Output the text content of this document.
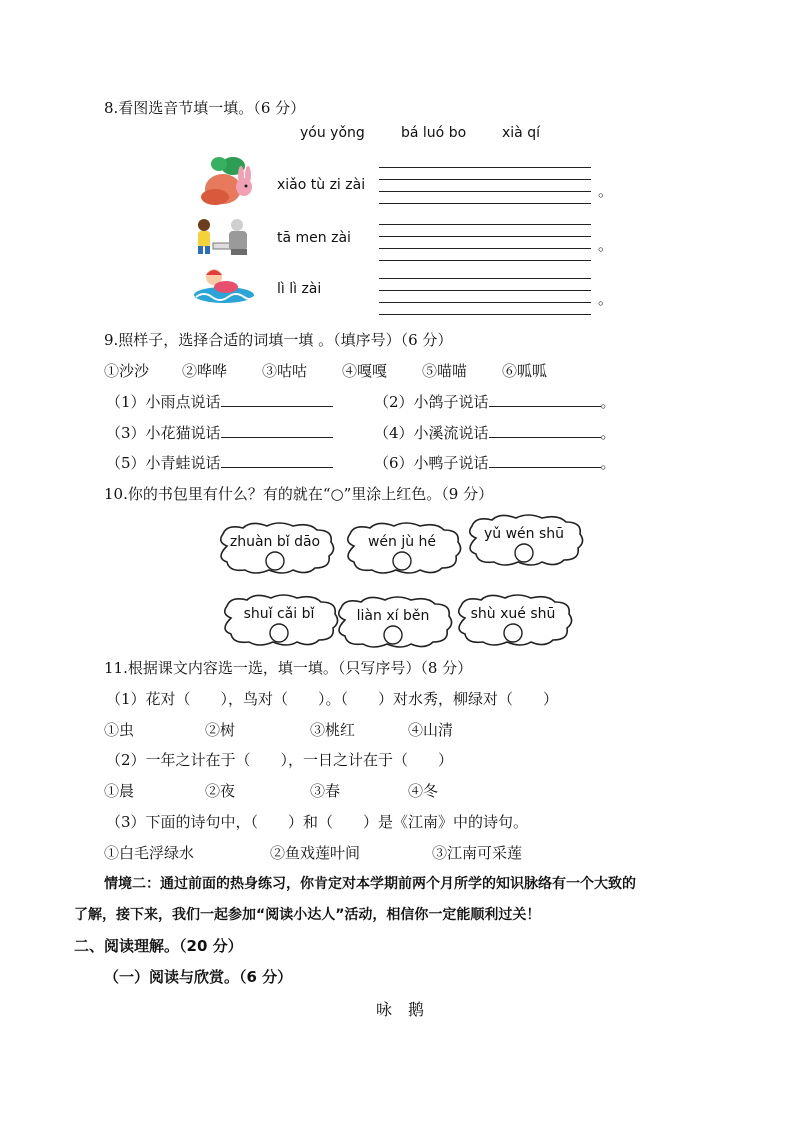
8.看图选音节填一填。（6 分）
yóu yǒng	bá luó bo	xià qí
xiǎo tù zi zài	。
tā men zài	。
lì lì zài
。
9.照样子，选择合适的词填一填 。（填序号）（6 分）
①沙沙 ②哗哗 ③咕咕 ④嘎嘎 ⑤喵喵 ⑥呱呱
（1）小雨点说话	（2）小鸽子说话	。
（3）小花猫说话	（4）小溪流说话	。
（5）小青蛙说话	（6）小鸭子说话	。
10.你的书包里有什么？有的就在“○”里涂上红色。（9 分）
zhuàn bǐ dāo	wén jù hé	yǔ wén shū
shuǐ cǎi bǐ	liàn xí běn	shù xué shū
11.根据课文内容选一选，填一填。（只写序号）（8 分）
（1）花对（　　），鸟对（　　）。（　　）对水秀，柳绿对（　　）
①虫	②树	③桃红	④山清
（2）一年之计在于（　　），一日之计在于（　　）
①晨	②夜	③春	④冬
（3）下面的诗句中，（　　）和（　　）是《江南》中的诗句。
①白毛浮绿水	②鱼戏莲叶间	③江南可采莲
情境二：通过前面的热身练习，你肯定对本学期前两个月所学的知识脉络有一个大致的
了解，接下来，我们一起参加“阅读小达人”活动，相信你一定能顺利过关！
二、阅读理解。（20 分）
（一）阅读与欣赏。（6 分）
咏　鹅
